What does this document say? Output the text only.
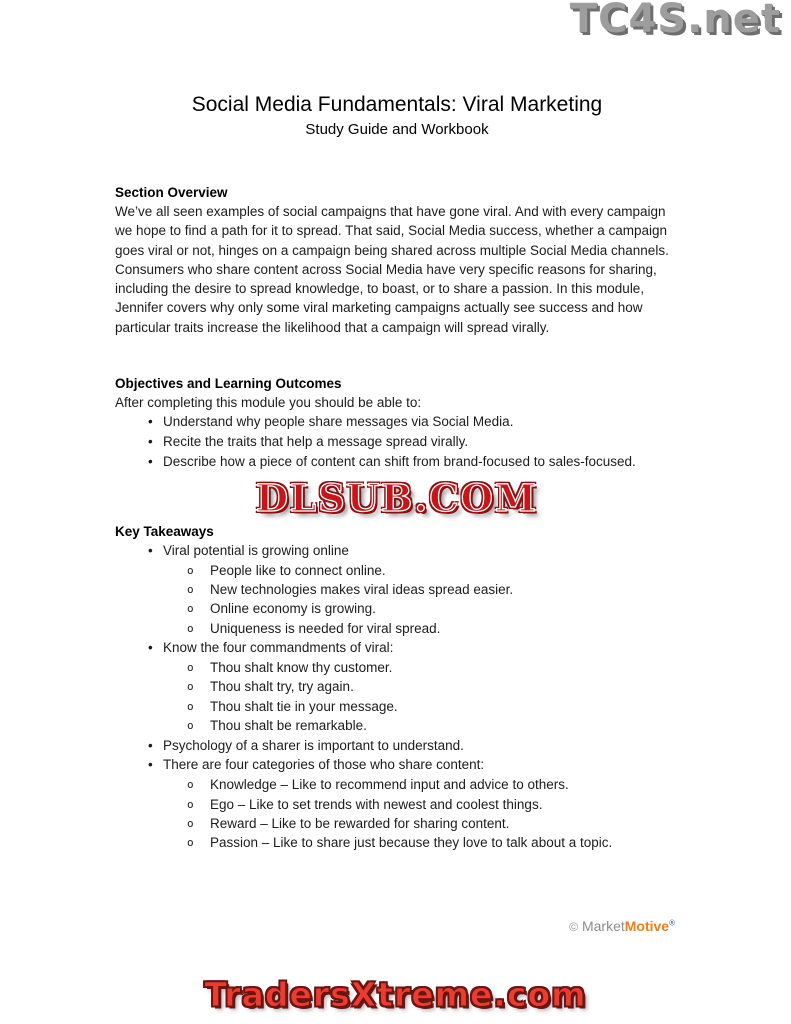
TC4S.net
Social Media Fundamentals: Viral Marketing
Study Guide and Workbook

Section Overview

We’ve all seen examples of social campaigns that have gone viral. And with every campaign we hope to find a path for it to spread. That said, Social Media success, whether a campaign goes viral or not, hinges on a campaign being shared across multiple Social Media channels. Consumers who share content across Social Media have very specific reasons for sharing, including the desire to spread knowledge, to boast, or to share a passion. In this module, Jennifer covers why only some viral marketing campaigns actually see success and how particular traits increase the likelihood that a campaign will spread virally.

Objectives and Learning Outcomes

After completing this module you should be able to:

• Understand why people share messages via Social Media.
• Recite the traits that help a message spread virally.
• Describe how a piece of content can shift from brand-focused to sales-focused.
DLSUB.COM

Key Takeaways

• Viral potential is growing online
o People like to connect online.
o New technologies makes viral ideas spread easier.
o Online economy is growing.
o Uniqueness is needed for viral spread.
• Know the four commandments of viral:
o Thou shalt know thy customer.
o Thou shalt try, try again.
o Thou shalt tie in your message.
o Thou shalt be remarkable.
• Psychology of a sharer is important to understand.
• There are four categories of those who share content:
o Knowledge – Like to recommend input and advice to others.
o Ego – Like to set trends with newest and coolest things.
o Reward – Like to be rewarded for sharing content.
o Passion – Like to share just because they love to talk about a topic.
© MarketMotive®
TradersXtreme.com
